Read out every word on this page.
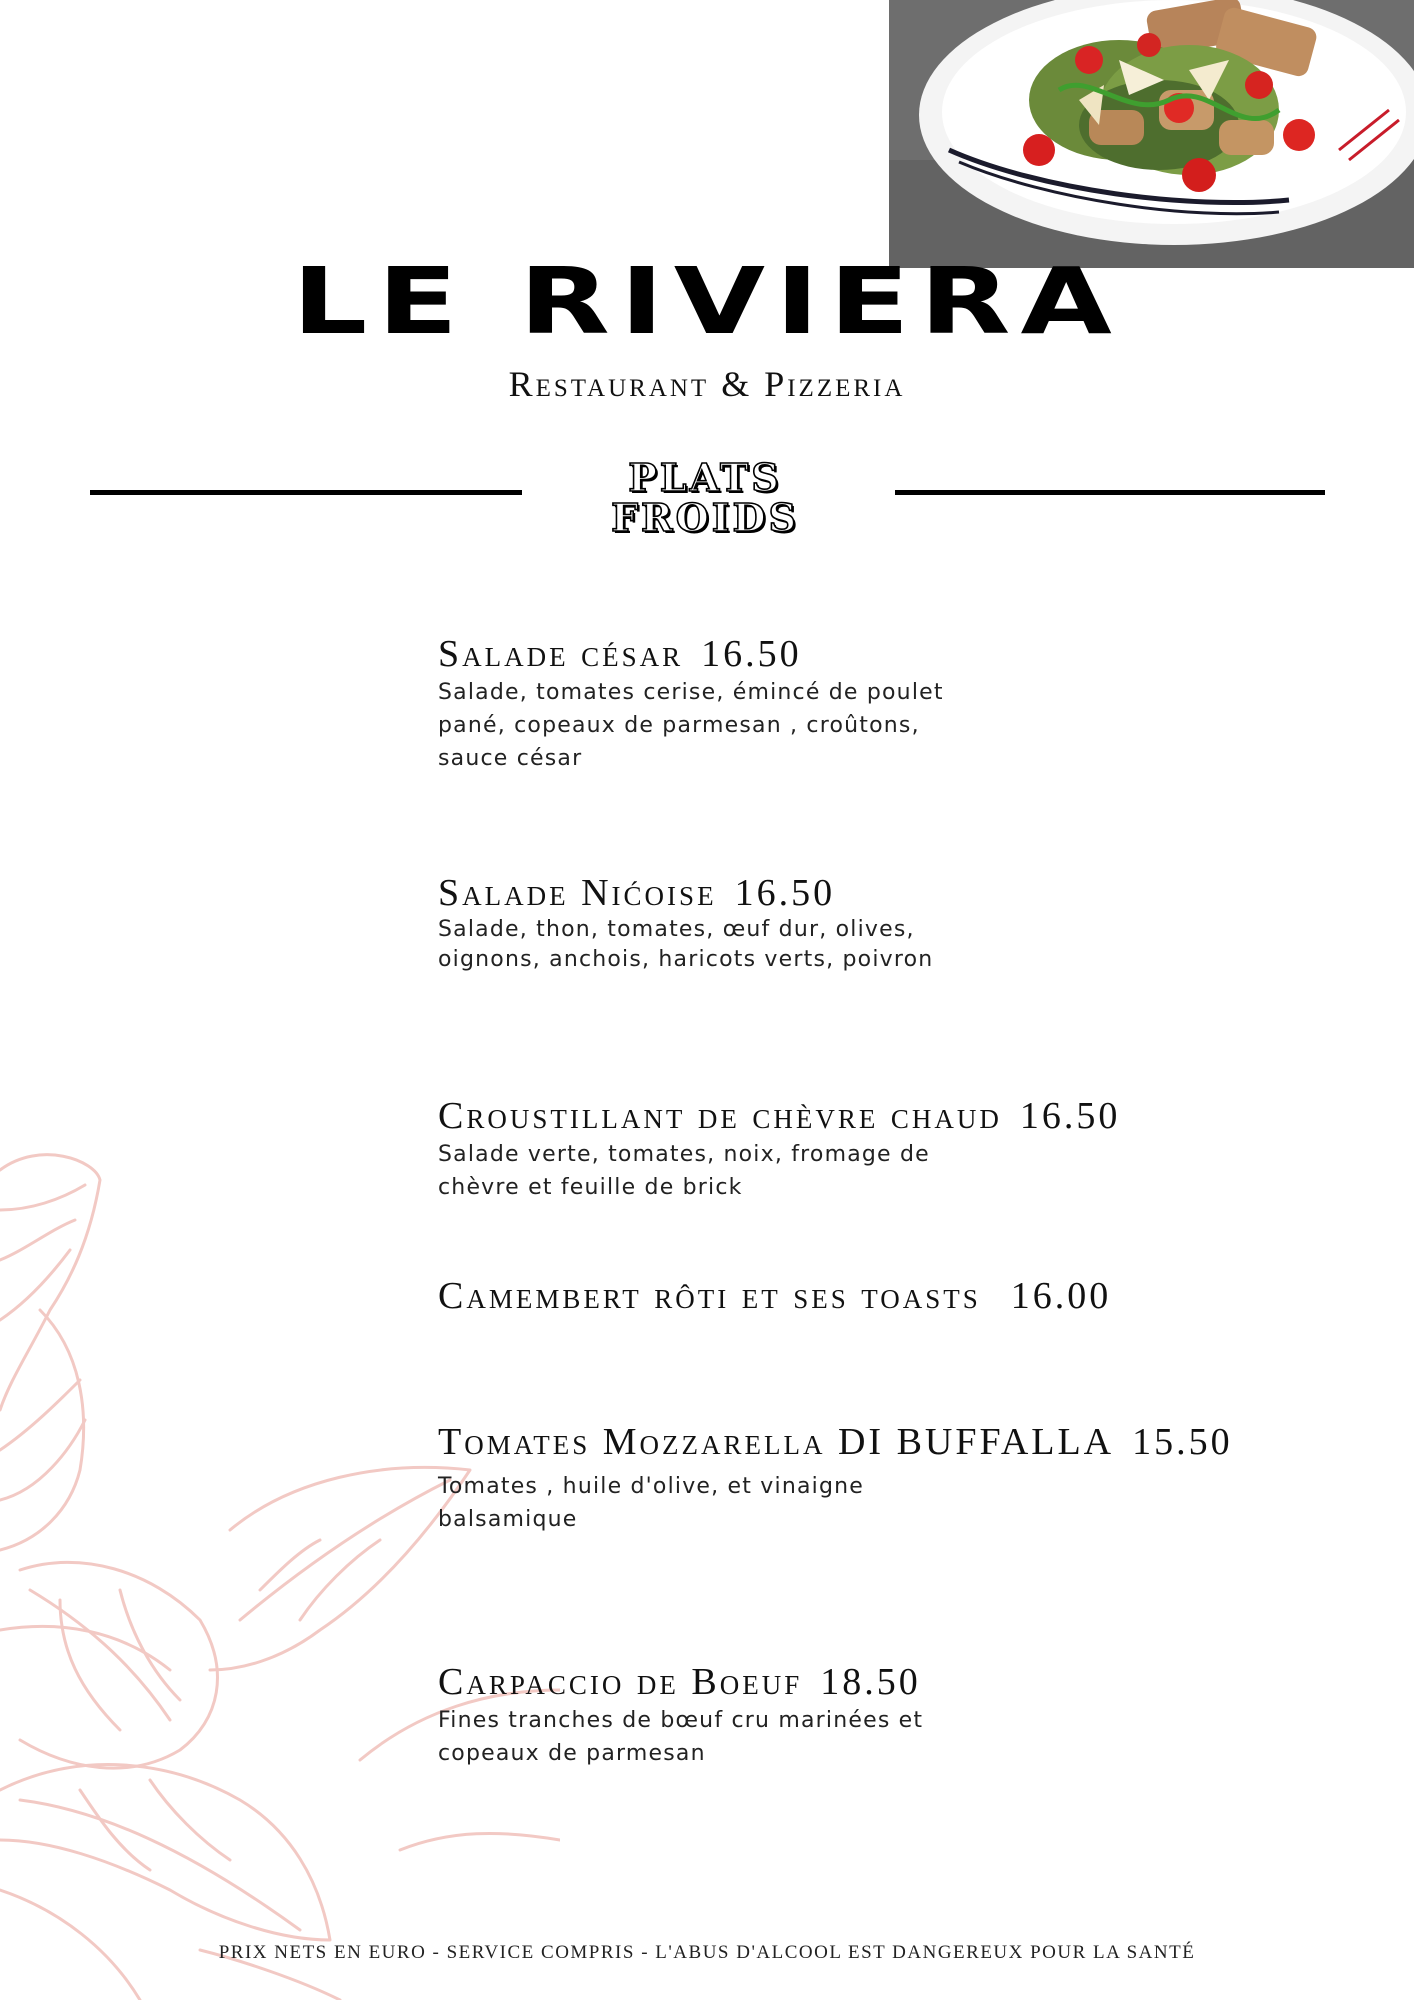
LE RIVIERA
Restaurant & Pizzeria
PLATS
FROIDS
Salade césar 16.50
Salade, tomates cerise, émincé de poulet pané, copeaux de parmesan , croûtons, sauce césar
Salade Nićoise 16.50
Salade, thon, tomates, œuf dur, olives, oignons, anchois, haricots verts, poivron
Croustillant de chèvre chaud 16.50
Salade verte, tomates, noix, fromage de chèvre et feuille de brick
Camembert rôti et ses toasts 16.00
Tomates Mozzarella DI BUFFALLA 15.50
Tomates , huile d'olive, et vinaigne balsamique
Carpaccio de Boeuf 18.50
Fines tranches de bœuf cru marinées et copeaux de parmesan
PRIX NETS EN EURO - SERVICE COMPRIS - L'ABUS D'ALCOOL EST DANGEREUX POUR LA SANTÉ
